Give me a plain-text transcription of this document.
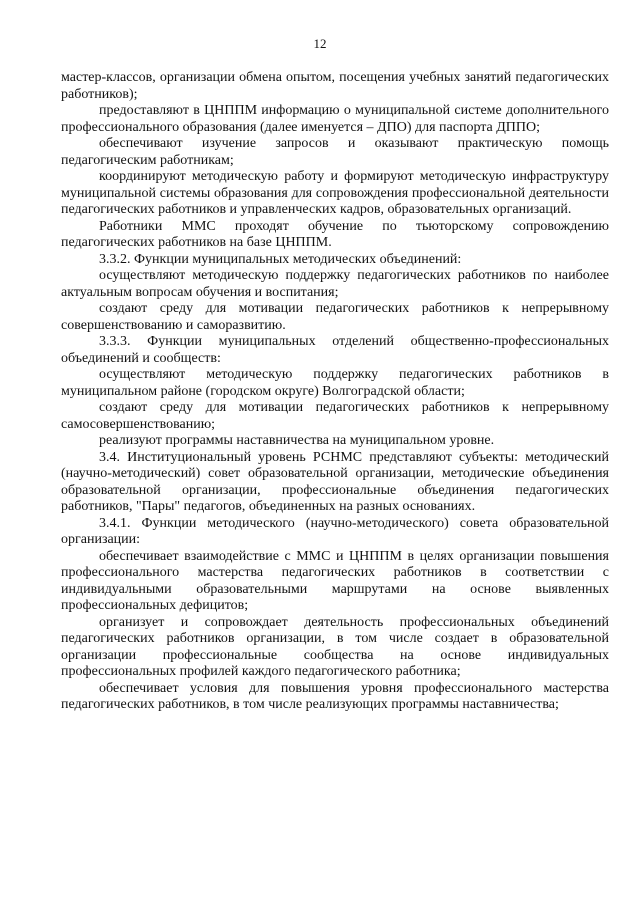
12

мастер-классов, организации обмена опытом, посещения учебных занятий педагогических работников);

предоставляют в ЦНППМ информацию о муниципальной системе дополнительного профессионального образования (далее именуется – ДПО) для паспорта ДППО;

обеспечивают изучение запросов и оказывают практическую помощь педагогическим работникам;

координируют методическую работу и формируют методическую инфраструктуру муниципальной системы образования для сопровождения профессиональной деятельности педагогических работников и управленческих кадров, образовательных организаций.

Работники ММС проходят обучение по тьюторскому сопровождению педагогических работников на базе ЦНППМ.

3.3.2. Функции муниципальных методических объединений:

осуществляют методическую поддержку педагогических работников по наиболее актуальным вопросам обучения и воспитания;

создают среду для мотивации педагогических работников к непрерывному совершенствованию и саморазвитию.

3.3.3. Функции муниципальных отделений общественно-профессиональных объединений и сообществ:

осуществляют методическую поддержку педагогических работников в муниципальном районе (городском округе) Волгоградской области;

создают среду для мотивации педагогических работников к непрерывному самосовершенствованию;

реализуют программы наставничества на муниципальном уровне.

3.4. Институциональный уровень РСНМС представляют субъекты: методический (научно-методический) совет образовательной организации, методические объединения образовательной организации, профессиональные объединения педагогических работников, "Пары" педагогов, объединенных на разных основаниях.

3.4.1. Функции методического (научно-методического) совета образовательной организации:

обеспечивает взаимодействие с ММС и ЦНППМ в целях организации повышения профессионального мастерства педагогических работников в соответствии с индивидуальными образовательными маршрутами на основе выявленных профессиональных дефицитов;

организует и сопровождает деятельность профессиональных объединений педагогических работников организации, в том числе создает в образовательной организации профессиональные сообщества на основе индивидуальных профессиональных профилей каждого педагогического работника;

обеспечивает условия для повышения уровня профессионального мастерства педагогических работников, в том числе реализующих программы наставничества;
